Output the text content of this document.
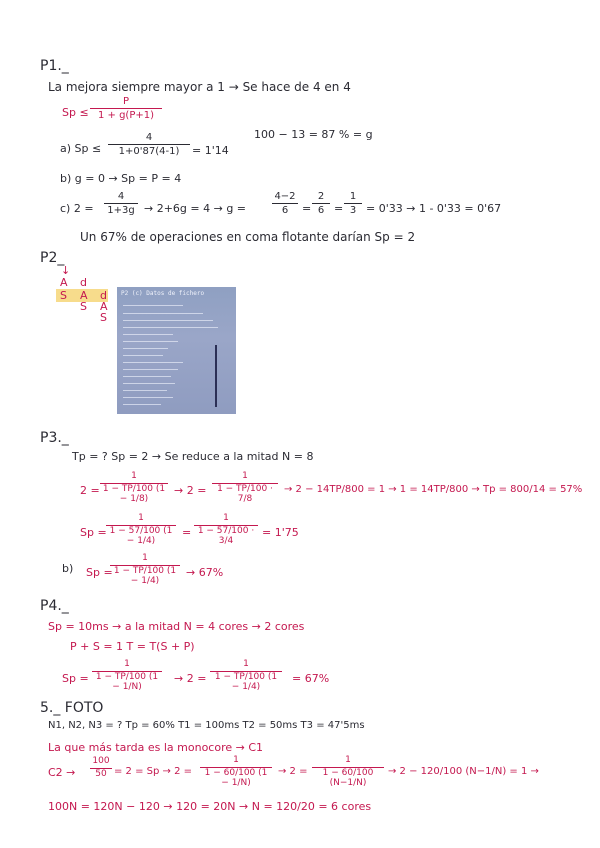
P1._
La mejora siempre mayor a 1 → Se hace de 4 en 4
Sp ≤
P
1 + g(P+1)
a) Sp ≤
4
1+0'87(4-1)	= 1'14
100 − 13 = 87 % = g
b) g = 0 → Sp = P = 4
c) 2 =
4
1+3g → 2+6g = 4 → g =
4−2
6	=
2
6 =
1
3 = 0'33 → 1 - 0'33 = 0'67
Un 67% de operaciones en coma flotante darían Sp = 2
P2_
↓
A d
S A d
S A
S
P2 (c) Datos de fichero
P3._
Tp = ? Sp = 2 → Se reduce a la mitad N = 8
2 =
1
1 − TP/100 (1 − 1/8)
→ 2 =
1
1 − TP/100 · 7/8
→ 2 − 14TP/800 = 1 → 1 = 14TP/800 → Tp = 800/14 = 57%
Sp =
1
1 − 57/100 (1 − 1/4)
=
1
1 − 57/100 · 3/4
= 1'75
b) Sp =
1
1 − TP/100 (1 − 1/4)
→ 67%
P4._
Sp = 10ms → a la mitad N = 4 cores → 2 cores
P + S = 1 T = T(S + P)
Sp =
1
1 − TP/100 (1 − 1/N)
→ 2 =
1
1 − TP/100 (1 − 1/4)
= 67%
5._ FOTO
N1, N2, N3 = ? Tp = 60% T1 = 100ms T2 = 50ms T3 = 47'5ms
La que más tarda es la monocore → C1
C2 →
100
50 = 2 = Sp → 2 =
1
1 − 60/100 (1 − 1/N)
→ 2 =
1
1 − 60/100 (N−1/N)
→ 2 − 120/100 (N−1/N) = 1 →
100N = 120N − 120 → 120 = 20N → N = 120/20 = 6 cores
